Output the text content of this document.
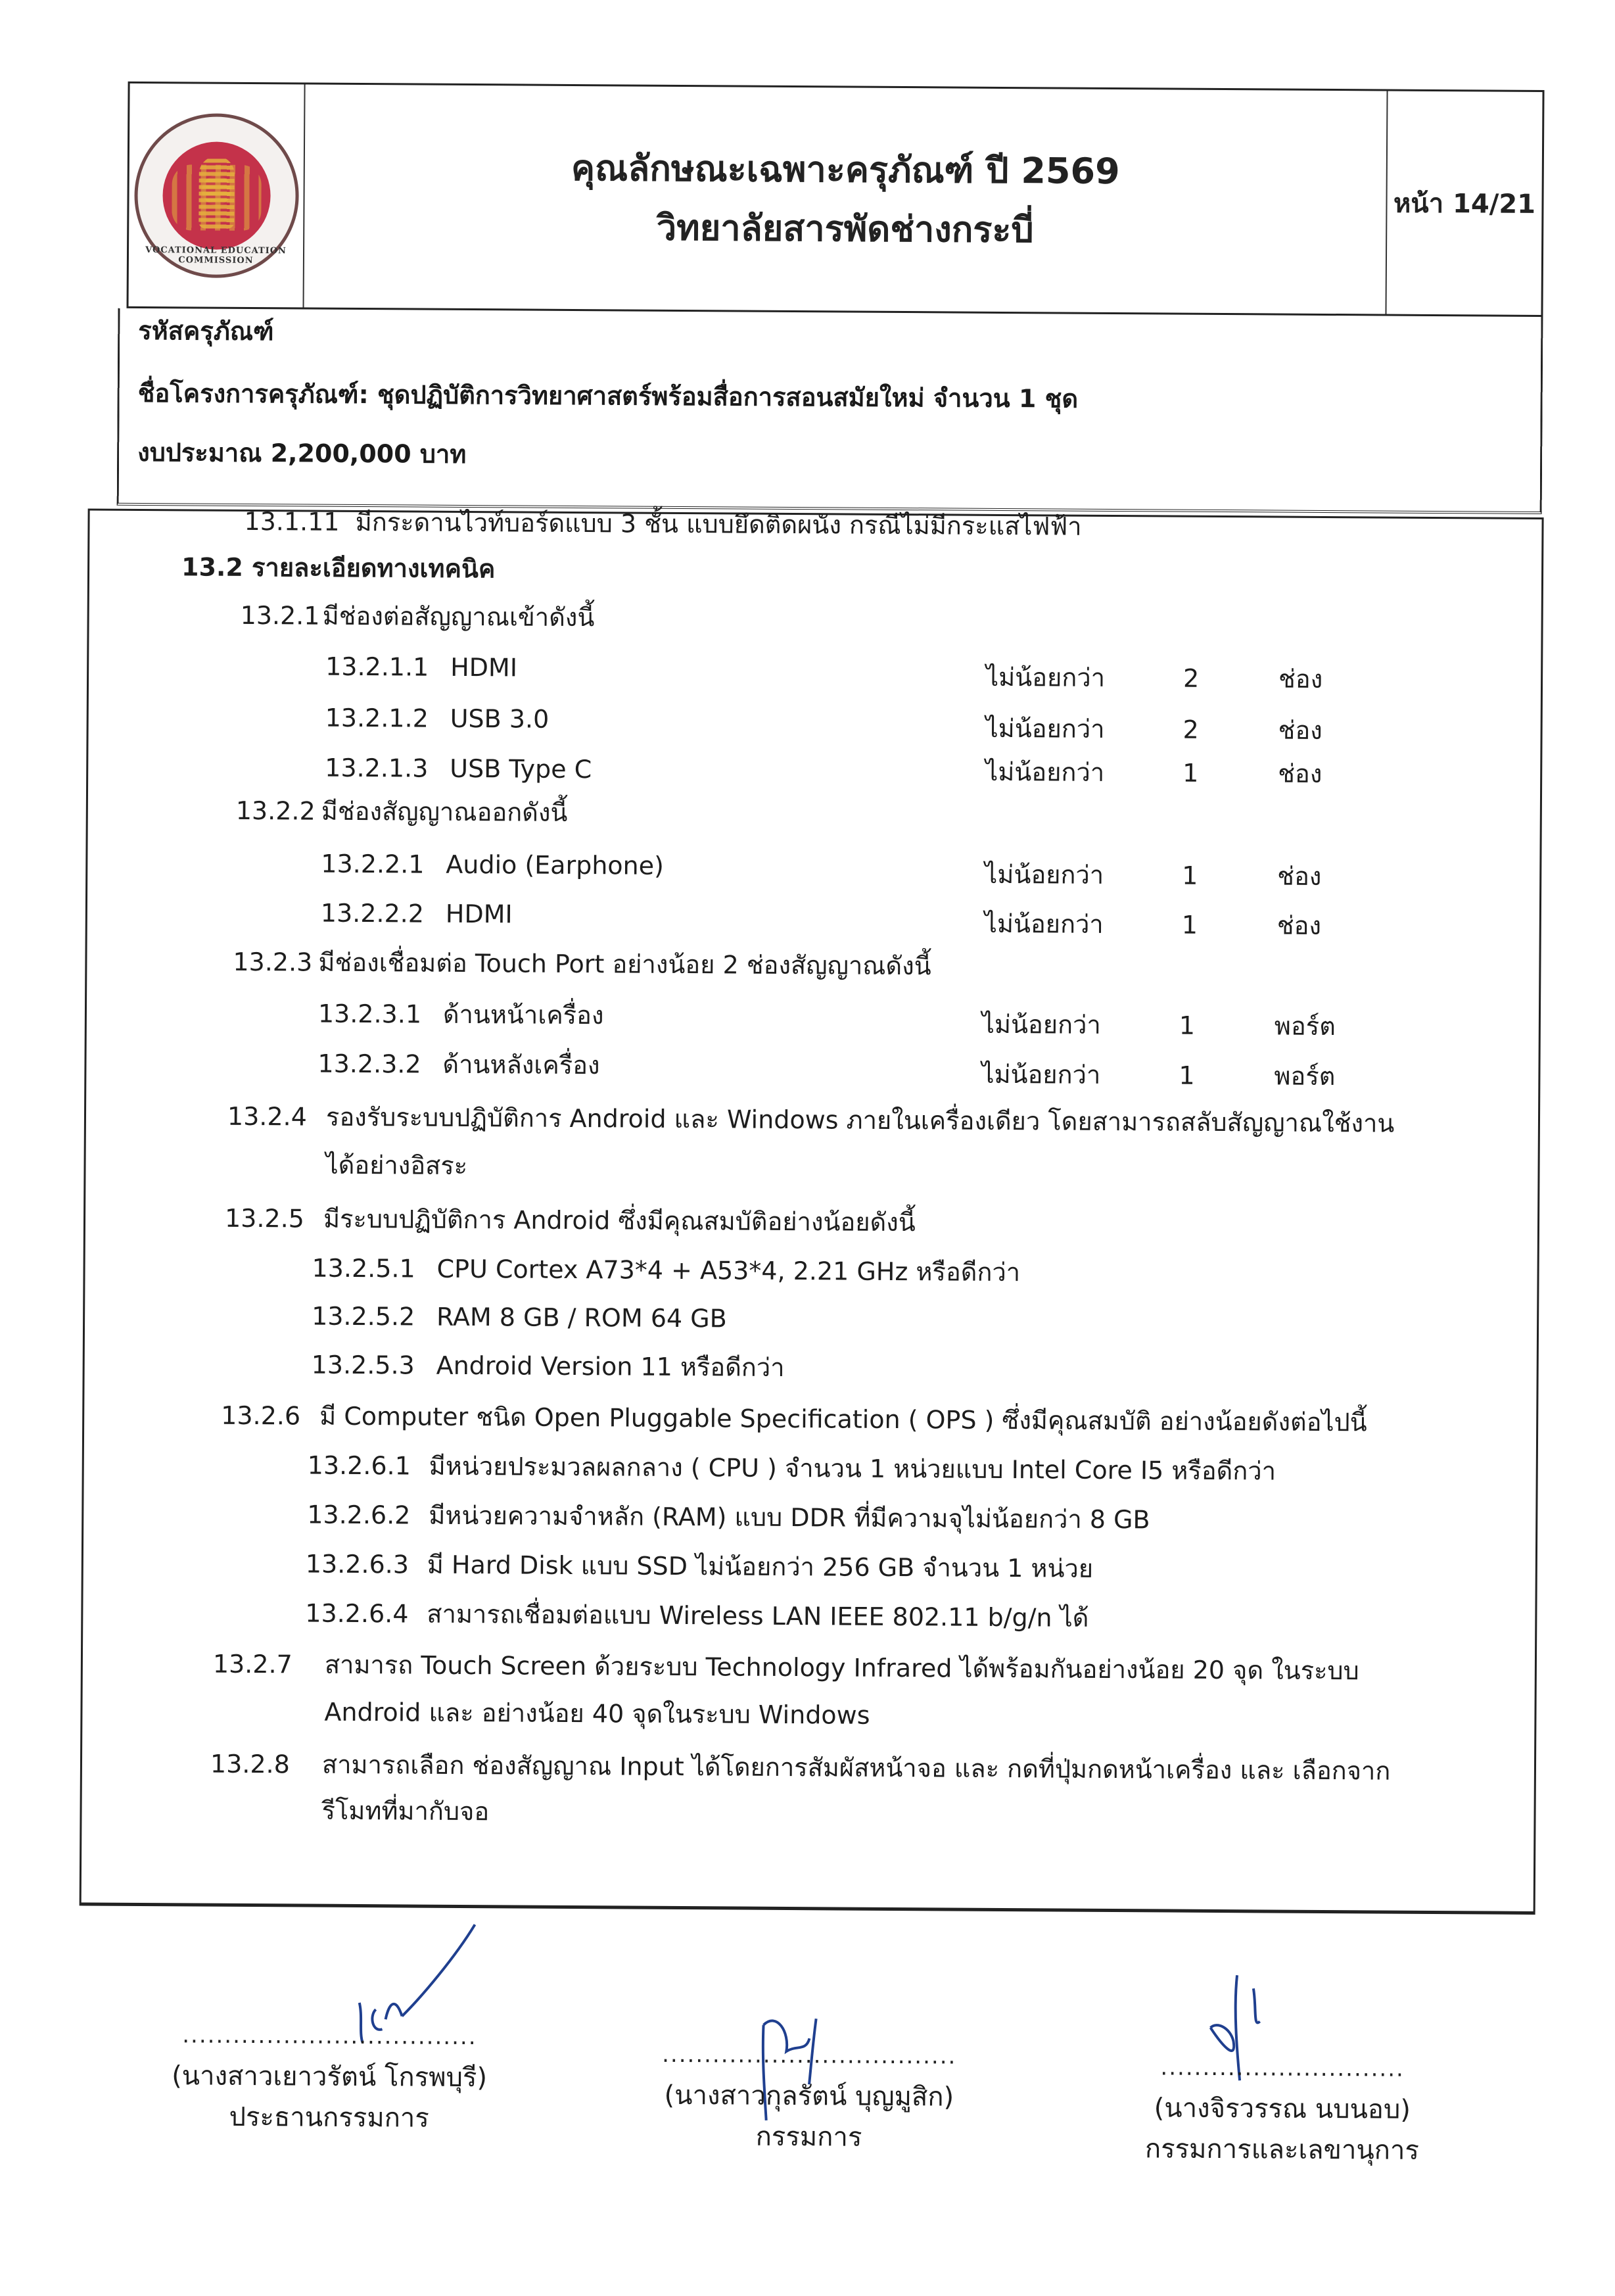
VOCATIONAL EDUCATION COMMISSION
คุณลักษณะเฉพาะครุภัณฑ์ ปี 2569
วิทยาลัยสารพัดช่างกระบี่
หน้า 14/21
รหัสครุภัณฑ์
ชื่อโครงการครุภัณฑ์: ชุดปฏิบัติการวิทยาศาสตร์พร้อมสื่อการสอนสมัยใหม่ จำนวน 1 ชุด
งบประมาณ 2,200,000 บาท
13.1.11 มีกระดานไวท์บอร์ดแบบ 3 ชั้น แบบยึดติดผนัง กรณีไม่มีกระแสไฟฟ้า
13.2 รายละเอียดทางเทคนิค
13.2.1 มีช่องต่อสัญญาณเข้าดังนี้
13.2.1.1 HDMI	ไม่น้อยกว่า	2	ช่อง
13.2.1.2 USB 3.0	ไม่น้อยกว่า	2	ช่อง
13.2.1.3 USB Type C	ไม่น้อยกว่า	1	ช่อง
13.2.2 มีช่องสัญญาณออกดังนี้
13.2.2.1 Audio (Earphone)	ไม่น้อยกว่า	1	ช่อง
13.2.2.2 HDMI	ไม่น้อยกว่า	1	ช่อง
13.2.3 มีช่องเชื่อมต่อ Touch Port อย่างน้อย 2 ช่องสัญญาณดังนี้
13.2.3.1 ด้านหน้าเครื่อง	ไม่น้อยกว่า	1	พอร์ต
13.2.3.2 ด้านหลังเครื่อง	ไม่น้อยกว่า	1	พอร์ต
13.2.4 รองรับระบบปฏิบัติการ Android และ Windows ภายในเครื่องเดียว โดยสามารถสลับสัญญาณใช้งาน
ได้อย่างอิสระ
13.2.5 มีระบบปฏิบัติการ Android ซึ่งมีคุณสมบัติอย่างน้อยดังนี้
13.2.5.1 CPU Cortex A73*4 + A53*4, 2.21 GHz หรือดีกว่า
13.2.5.2 RAM 8 GB / ROM 64 GB
13.2.5.3 Android Version 11 หรือดีกว่า
13.2.6 มี Computer ชนิด Open Pluggable Specification ( OPS ) ซึ่งมีคุณสมบัติ อย่างน้อยดังต่อไปนี้
13.2.6.1 มีหน่วยประมวลผลกลาง ( CPU ) จำนวน 1 หน่วยแบบ Intel Core I5 หรือดีกว่า
13.2.6.2 มีหน่วยความจำหลัก (RAM) แบบ DDR ที่มีความจุไม่น้อยกว่า 8 GB
13.2.6.3 มี Hard Disk แบบ SSD ไม่น้อยกว่า 256 GB จำนวน 1 หน่วย
13.2.6.4 สามารถเชื่อมต่อแบบ Wireless LAN IEEE 802.11 b/g/n ได้
13.2.7 สามารถ Touch Screen ด้วยระบบ Technology Infrared ได้พร้อมกันอย่างน้อย 20 จุด ในระบบ
Android และ อย่างน้อย 40 จุดในระบบ Windows
13.2.8 สามารถเลือก ช่องสัญญาณ Input ได้โดยการสัมผัสหน้าจอ และ กดที่ปุ่มกดหน้าเครื่อง และ เลือกจาก
รีโมทที่มากับจอ
...................................
(นางสาวเยาวรัตน์ โกรพบุรี)
ประธานกรรมการ
...................................
(นางสาวกุลรัตน์ บุญมูสิก)
กรรมการ
.............................
(นางจิรวรรณ นบนอบ)
กรรมการและเลขานุการ
